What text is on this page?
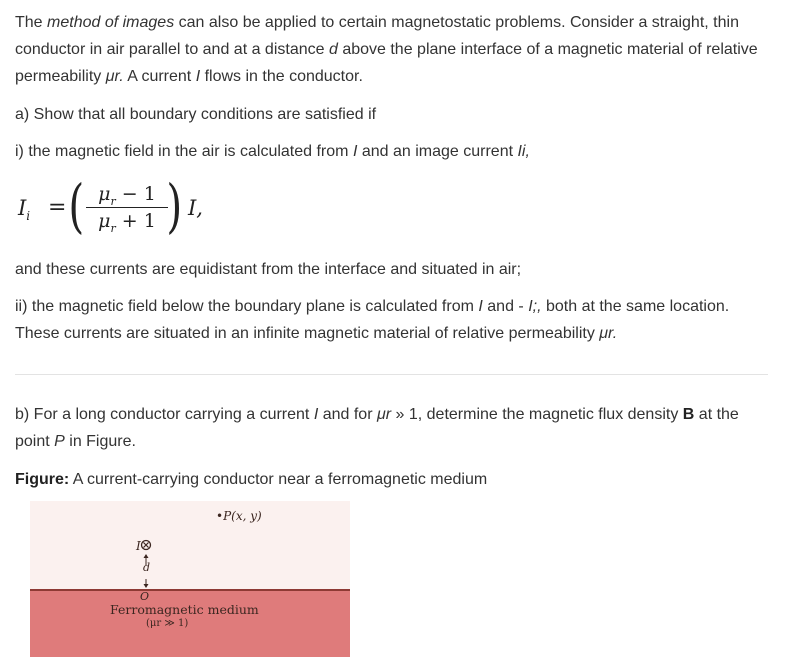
The method of images can also be applied to certain magnetostatic problems. Consider a straight, thin conductor in air parallel to and at a distance d above the plane interface of a magnetic material of relative permeability μr. A current I flows in the conductor.

a) Show that all boundary conditions are satisfied if

i) the magnetic field in the air is calculated from I and an image current Ii,

$I_i$ = ( $\mu_r - 1$
$\mu_r + 1$ ) I,

and these currents are equidistant from the interface and situated in air;

ii) the magnetic field below the boundary plane is calculated from I and - I;, both at the same location. These currents are situated in an infinite magnetic material of relative permeability μr.

b) For a long conductor carrying a current I and for μr » 1, determine the magnetic flux density B at the point P in Figure.

Figure: A current-carrying conductor near a ferromagnetic medium

•P(x, y)
I
d
O
Ferromagnetic medium
(μr ≫ 1)
